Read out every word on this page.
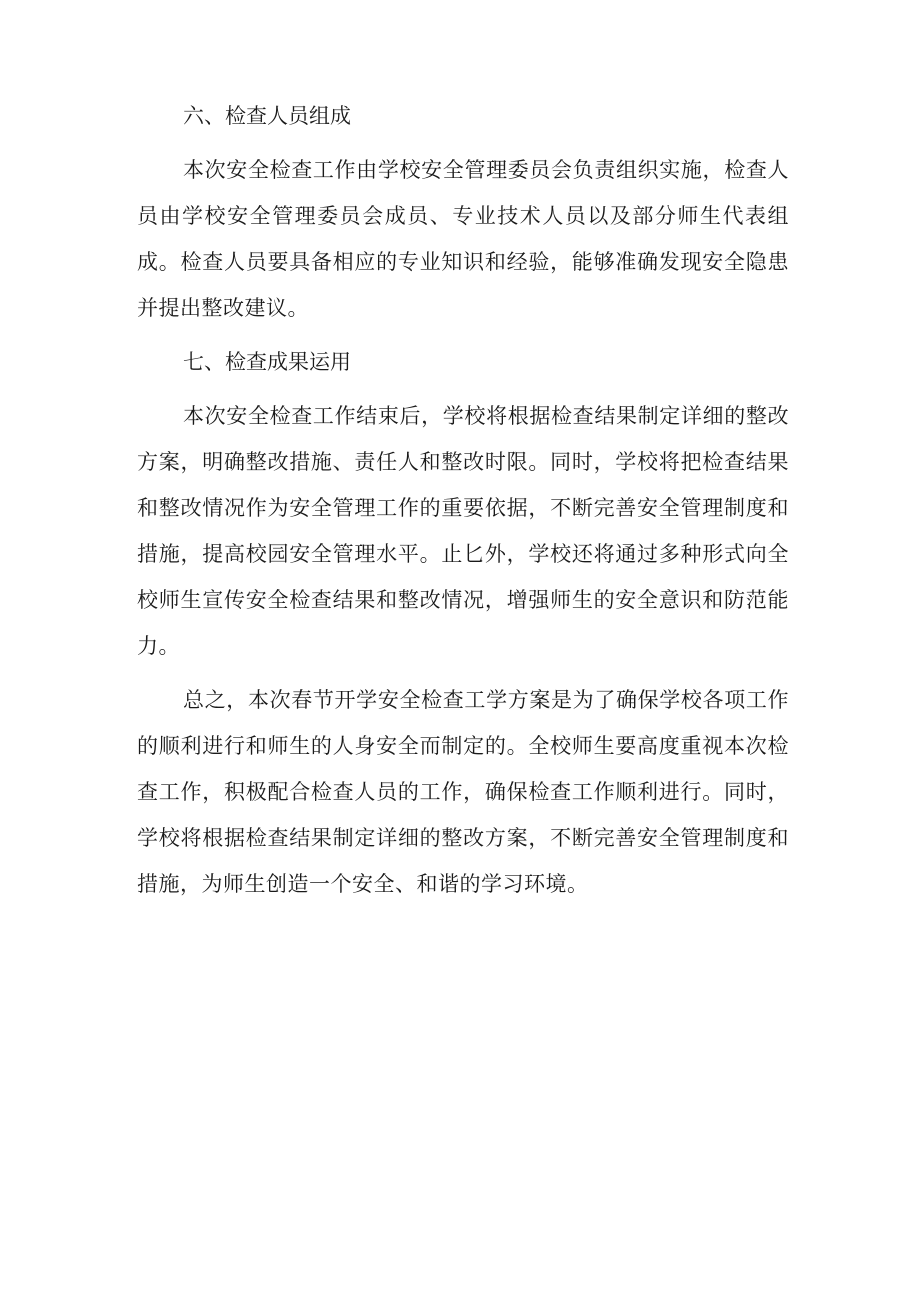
六、检查人员组成

本次安全检查工作由学校安全管理委员会负责组织实施，检查人员由学校安全管理委员会成员、专业技术人员以及部分师生代表组成。检查人员要具备相应的专业知识和经验，能够准确发现安全隐患并提出整改建议。

七、检查成果运用

本次安全检查工作结束后，学校将根据检查结果制定详细的整改方案，明确整改措施、责任人和整改时限。同时，学校将把检查结果和整改情况作为安全管理工作的重要依据，不断完善安全管理制度和措施，提高校园安全管理水平。止匕外，学校还将通过多种形式向全校师生宣传安全检查结果和整改情况，增强师生的安全意识和防范能力。

总之，本次春节开学安全检查工学方案是为了确保学校各项工作的顺利进行和师生的人身安全而制定的。全校师生要高度重视本次检查工作，积极配合检查人员的工作，确保检查工作顺利进行。同时，学校将根据检查结果制定详细的整改方案，不断完善安全管理制度和措施，为师生创造一个安全、和谐的学习环境。
